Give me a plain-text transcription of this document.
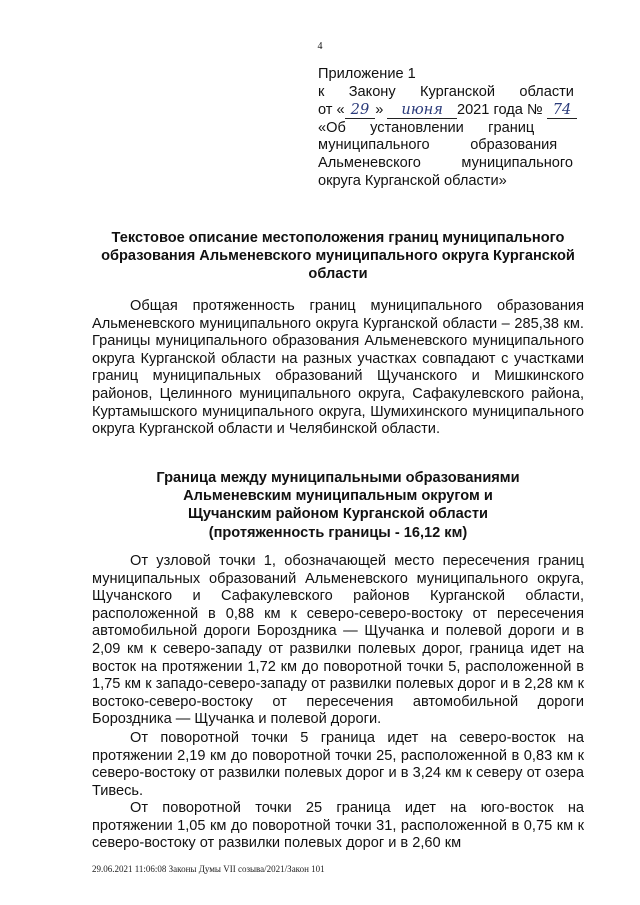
4
Приложение 1
к      Закону      Курганской      области
от « 29 » июня 2021 года № 74
«Об      установлении      границ
муниципального          образования
Альменевского          муниципального
округа Курганской области»
Текстовое описание местоположения границ муниципального образования Альменевского муниципального округа Курганской области
Общая протяженность границ муниципального образования Альменевского муниципального округа Курганской области – 285,38 км. Границы муниципального образования Альменевского муниципального округа Курганской области на разных участках совпадают с участками границ муниципальных образований Щучанского и Мишкинского районов, Целинного муниципального округа, Сафакулевского района, Куртамышского муниципального округа, Шумихинского муниципального округа Курганской области и Челябинской области.
Граница между муниципальными образованиями
Альменевским муниципальным округом и
Щучанским районом Курганской области
(протяженность границы - 16,12 км)
От узловой точки 1, обозначающей место пересечения границ муниципальных образований Альменевского муниципального округа, Щучанского и Сафакулевского районов Курганской области, расположенной в 0,88 км к северо-северо-востоку от пересечения автомобильной дороги Бороздника — Щучанка и полевой дороги и в 2,09 км к северо-западу от развилки полевых дорог, граница идет на восток на протяжении 1,72 км до поворотной точки 5, расположенной в 1,75 км к западо-северо-западу от развилки полевых дорог и в 2,28 км к востоко-северо-востоку от пересечения автомобильной дороги Бороздника — Щучанка и полевой дороги.
От поворотной точки 5 граница идет на северо-восток на протяжении 2,19 км до поворотной точки 25, расположенной в 0,83 км к северо-востоку от развилки полевых дорог и в 3,24 км к северу от озера Тивесь.
От поворотной точки 25 граница идет на юго-восток на протяжении 1,05 км до поворотной точки 31, расположенной в 0,75 км к северо-востоку от развилки полевых дорог и в 2,60 км
29.06.2021 11:06:08 Законы Думы VII созыва/2021/Закон 101
